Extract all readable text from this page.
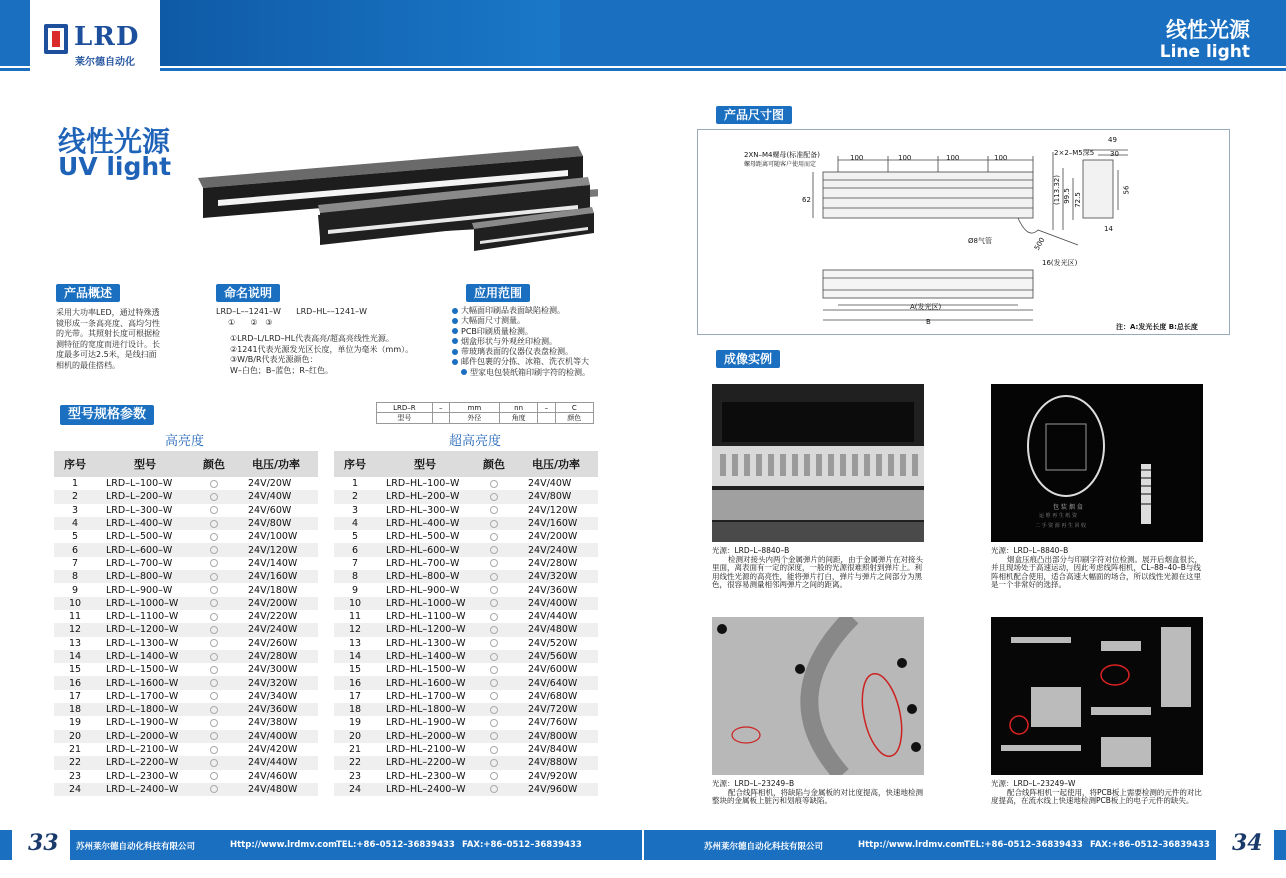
LRD
莱尔德自动化
线性光源
Line light
线性光源
UV light
产品概述
采用大功率LED，通过特殊透
镜形成一条高亮度、高均匀性
的光带。其照射长度可根据检
测特征的宽度而进行设计。长
度最多可达2.5米，是线扫面
相机的最佳搭档。
命名说明
LRD–L––1241–W      LRD–HL––1241–W
①      ②   ③
①LRD–L/LRD–HL代表高亮/超高亮线性光源。
②1241代表光源发光区长度，单位为毫米（mm）。
③W/B/R代表光源颜色：
W–白色；B–蓝色；R–红色。
应用范围
大幅面印刷品表面缺陷检测。
大幅面尺寸测量。
PCB印刷质量检测。
烟盒形状与外观丝印检测。
带玻璃表面的仪器仪表盘检测。
邮件包裹的分拣、冰箱、洗衣机等大
型家电包装纸箱印刷字符的检测。
型号规格参数	LRD–R	–	mm	nn	–	C
型号		外径	角度		颜色
高亮度	超高亮度
序号	型号	颜色	电压/功率
1	LRD–L–100–W		24V/20W
2	LRD–L–200–W		24V/40W
3	LRD–L–300–W		24V/60W
4	LRD–L–400–W		24V/80W
5	LRD–L–500–W		24V/100W
6	LRD–L–600–W		24V/120W
7	LRD–L–700–W		24V/140W
8	LRD–L–800–W		24V/160W
9	LRD–L–900–W		24V/180W
10	LRD–L–1000–W		24V/200W
11	LRD–L–1100–W		24V/220W
12	LRD–L–1200–W		24V/240W
13	LRD–L–1300–W		24V/260W
14	LRD–L–1400–W		24V/280W
15	LRD–L–1500–W		24V/300W
16	LRD–L–1600–W		24V/320W
17	LRD–L–1700–W		24V/340W
18	LRD–L–1800–W		24V/360W
19	LRD–L–1900–W		24V/380W
20	LRD–L–2000–W		24V/400W
21	LRD–L–2100–W		24V/420W
22	LRD–L–2200–W		24V/440W
23	LRD–L–2300–W		24V/460W
24	LRD–L–2400–W		24V/480W
序号	型号	颜色	电压/功率
1	LRD–HL–100–W		24V/40W
2	LRD–HL–200–W		24V/80W
3	LRD–HL–300–W		24V/120W
4	LRD–HL–400–W		24V/160W
5	LRD–HL–500–W		24V/200W
6	LRD–HL–600–W		24V/240W
7	LRD–HL–700–W		24V/280W
8	LRD–HL–800–W		24V/320W
9	LRD–HL–900–W		24V/360W
10	LRD–HL–1000–W		24V/400W
11	LRD–HL–1100–W		24V/440W
12	LRD–HL–1200–W		24V/480W
13	LRD–HL–1300–W		24V/520W
14	LRD–HL–1400–W		24V/560W
15	LRD–HL–1500–W		24V/600W
16	LRD–HL–1600–W		24V/640W
17	LRD–HL–1700–W		24V/680W
18	LRD–HL–1800–W		24V/720W
19	LRD–HL–1900–W		24V/760W
20	LRD–HL–2000–W		24V/800W
21	LRD–HL–2100–W		24V/840W
22	LRD–HL–2200–W		24V/880W
23	LRD–HL–2300–W		24V/920W
24	LRD–HL–2400–W		24V/960W
产品尺寸图
2XN–M4螺母(标准配备)
螺母距离可随客户使用而定
100	100	100	100
62	(113.32) 99.5 72.5
49
30
2×2–M5深5
56
14
Ø8气管	500
16(发光区)
A(发光区)
B
注：A:发光长度 B:总长度
成像实例
光源：LRD–L–8840–B
检测对接头内两个金属弹片的间距，由于金属弹片在对接头里面，离表面有一定的深度，一般的光源很难照射到弹片上。利用线性光源的高亮性，能将弹片打白，弹片与弹片之间部分为黑色，很容易测量相邻两弹片之间的距离。
包 装 烟 盒
运 维 再 生 纸 资
二 手 资 源 再 生 回 收
光源：LRD–L–8840–B
烟盒压痕凸出部分与印刷字符对位检测。展开后烟盒很长，并且现场处于高速运动，因此考虑线阵相机，CL–88–40–B与线阵相机配合使用，适合高速大幅面的场合，所以线性光源在这里是一个非常好的选择。
光源：LRD–L–23249–B
配合线阵相机，将缺陷与金属板的对比度提高，快速地检测整块的金属板上脏污和划痕等缺陷。
光源：LRD–L–23249–W
配合线阵相机一起使用，将PCB板上需要检测的元件的对比度提高，在流水线上快速地检测PCB板上的电子元件的缺失。
33	34
苏州莱尔德自动化科技有限公司	Http://www.lrdmv.com
TEL:+86–0512–36839433 FAX:+86–0512–36839433	苏州莱尔德自动化科技有限公司	Http://www.lrdmv.com
TEL:+86–0512–36839433 FAX:+86–0512–36839433
